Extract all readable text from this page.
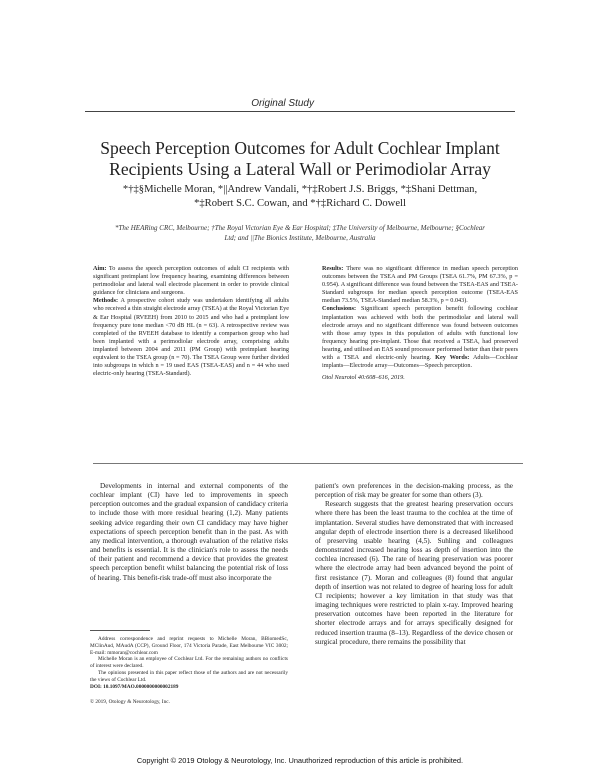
Original Study
Speech Perception Outcomes for Adult Cochlear Implant
Recipients Using a Lateral Wall or Perimodiolar Array
*†‡§Michelle Moran, *||Andrew Vandali, *†‡Robert J.S. Briggs, *‡Shani Dettman,
*‡Robert S.C. Cowan, and *†‡Richard C. Dowell
*The HEARing CRC, Melbourne; †The Royal Victorian Eye & Ear Hospital; ‡The University of Melbourne, Melbourne; §Cochlear
Ltd; and ||The Bionics Institute, Melbourne, Australia

Aim: To assess the speech perception outcomes of adult CI recipients with significant preimplant low frequency hearing, examining differences between perimodiolar and lateral wall electrode placement in order to provide clinical guidance for clinicians and surgeons.

Methods: A prospective cohort study was undertaken identifying all adults who received a thin straight electrode array (TSEA) at the Royal Victorian Eye & Ear Hospital (RVEEH) from 2010 to 2015 and who had a preimplant low frequency pure tone median <70 dB HL (n = 63). A retrospective review was completed of the RVEEH database to identify a comparison group who had been implanted with a perimodiolar electrode array, comprising adults implanted between 2004 and 2011 (PM Group) with preimplant hearing equivalent to the TSEA group (n = 70). The TSEA Group were further divided into subgroups in which n = 19 used EAS (TSEA-EAS) and n = 44 who used electric-only hearing (TSEA-Standard).

Results: There was no significant difference in median speech perception outcomes between the TSEA and PM Groups (TSEA 61.7%, PM 67.3%, p = 0.954). A significant difference was found between the TSEA-EAS and TSEA-Standard subgroups for median speech perception outcome (TSEA-EAS median 73.5%, TSEA-Standard median 58.3%, p = 0.043).

Conclusions: Significant speech perception benefit following cochlear implantation was achieved with both the perimodiolar and lateral wall electrode arrays and no significant difference was found between outcomes with those array types in this population of adults with functional low frequency hearing pre-implant. Those that received a TSEA, had preserved hearing, and utilised an EAS sound processor performed better than their peers with a TSEA and electric-only hearing. Key Words: Adults—Cochlear implants—Electrode array—Outcomes—Speech perception.

Otol Neurotol 40:608–616, 2019.

Developments in internal and external components of the cochlear implant (CI) have led to improvements in speech perception outcomes and the gradual expansion of candidacy criteria to include those with more residual hearing (1,2). Many patients seeking advice regarding their own CI candidacy may have higher expectations of speech perception benefit than in the past. As with any medical intervention, a thorough evaluation of the relative risks and benefits is essential. It is the clinician's role to assess the needs of their patient and recommend a device that provides the greatest speech perception benefit whilst balancing the potential risk of loss of hearing. This benefit-risk trade-off must also incorporate the

patient's own preferences in the decision-making process, as the perception of risk may be greater for some than others (3).

Research suggests that the greatest hearing preservation occurs where there has been the least trauma to the cochlea at the time of implantation. Several studies have demonstrated that with increased angular depth of electrode insertion there is a decreased likelihood of preserving usable hearing (4,5). Suhling and colleagues demonstrated increased hearing loss as depth of insertion into the cochlea increased (6). The rate of hearing preservation was poorer where the electrode array had been advanced beyond the point of first resistance (7). Moran and colleagues (8) found that angular depth of insertion was not related to degree of hearing loss for adult CI recipients; however a key limitation in that study was that imaging techniques were restricted to plain x-ray. Improved hearing preservation outcomes have been reported in the literature for shorter electrode arrays and for arrays specifically designed for reduced insertion trauma (8–13). Regardless of the device chosen or surgical procedure, there remains the possibility that

Address correspondence and reprint requests to Michelle Moran, BBiomedSc, MClinAud, MAudA (CCP), Ground Floor, 174 Victoria Parade, East Melbourne VIC 3002; E-mail: mmoran@cochlear.com

Michelle Moran is an employee of Cochlear Ltd. For the remaining authors no conflicts of interest were declared.

The opinions presented in this paper reflect those of the authors and are not necessarily the views of Cochlear Ltd.

DOI: 10.1097/MAO.0000000000002189

© 2019, Otology & Neurotology, Inc.
Copyright © 2019 Otology & Neurotology, Inc. Unauthorized reproduction of this article is prohibited.
